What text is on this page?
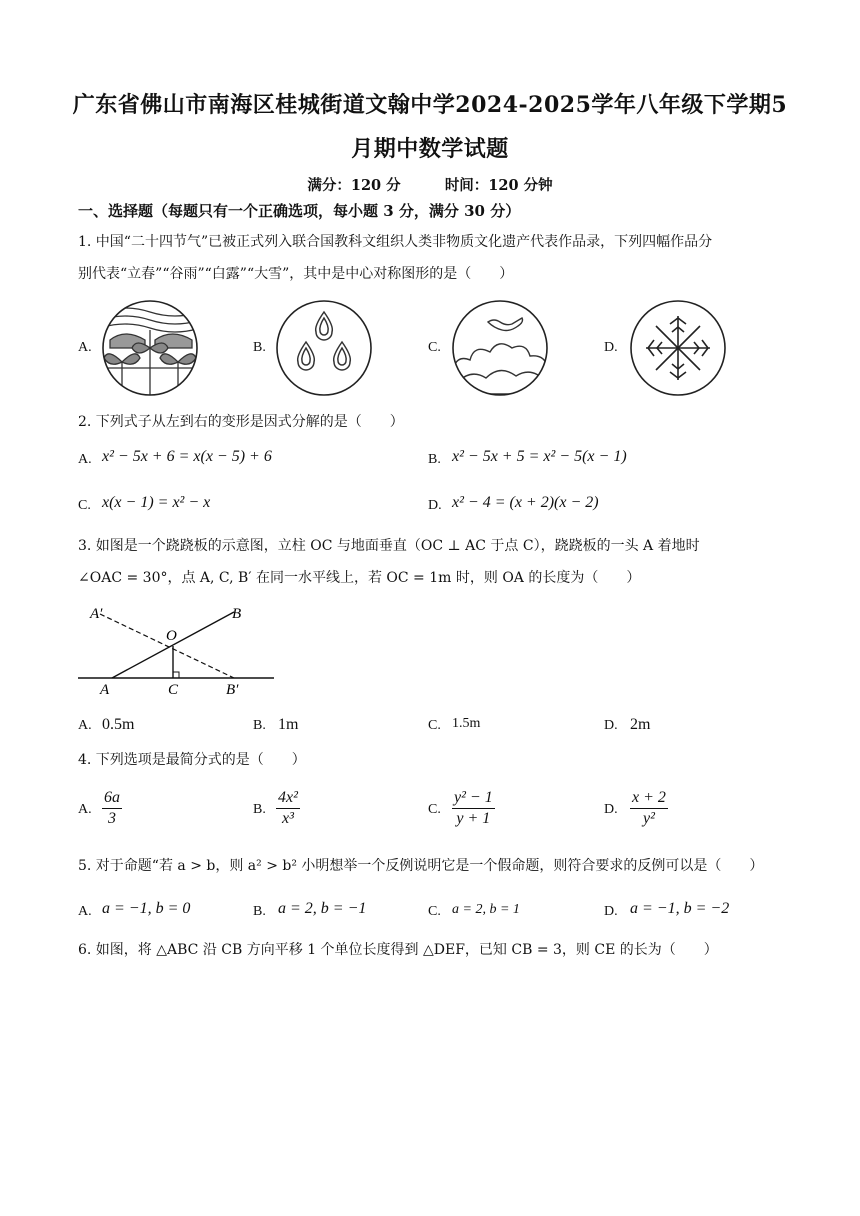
广东省佛山市南海区桂城街道文翰中学2024-2025学年八年级下学期5
月期中数学试题
满分：120 分	时间：120 分钟
一、选择题（每题只有一个正确选项，每小题 3 分，满分 30 分）
1. 中国“二十四节气”已被正式列入联合国教科文组织人类非物质文化遗产代表作品录，下列四幅作品分
别代表“立春”“谷雨”“白露”“大雪”，其中是中心对称图形的是（　　）
A.	B.	C.	D.
2. 下列式子从左到右的变形是因式分解的是（　　）
A. x² − 5x + 6 = x(x − 5) + 6	B. x² − 5x + 5 = x² − 5(x − 1)
C. x(x − 1) = x² − x	D. x² − 4 = (x + 2)(x − 2)
3. 如图是一个跷跷板的示意图，立柱 OC 与地面垂直（OC ⊥ AC 于点 C），跷跷板的一头 A 着地时
∠OAC = 30°，点 A, C, B′ 在同一水平线上，若 OC = 1m 时，则 OA 的长度为（　　）
A	C	B′
O
B
A′
A. 0.5m	B. 1m	C. 1.5m	D. 2m
4. 下列选项是最简分式的是（　　）
A. $\frac{6a}{3}$	B. $\frac{\text{4x²}}{\text{x³}}$	C. $\frac{\text{y² − 1}}{y + 1}$	D. $\frac{x + 2}{\text{y²}}$
5. 对于命题“若 a > b，则 a² > b² 小明想举一个反例说明它是一个假命题，则符合要求的反例可以是（　　）
A. a = −1, b = 0	B. a = 2, b = −1	C. a = 2, b = 1	D. a = −1, b = −2
6. 如图，将 △ABC 沿 CB 方向平移 1 个单位长度得到 △DEF，已知 CB = 3，则 CE 的长为（　　）
